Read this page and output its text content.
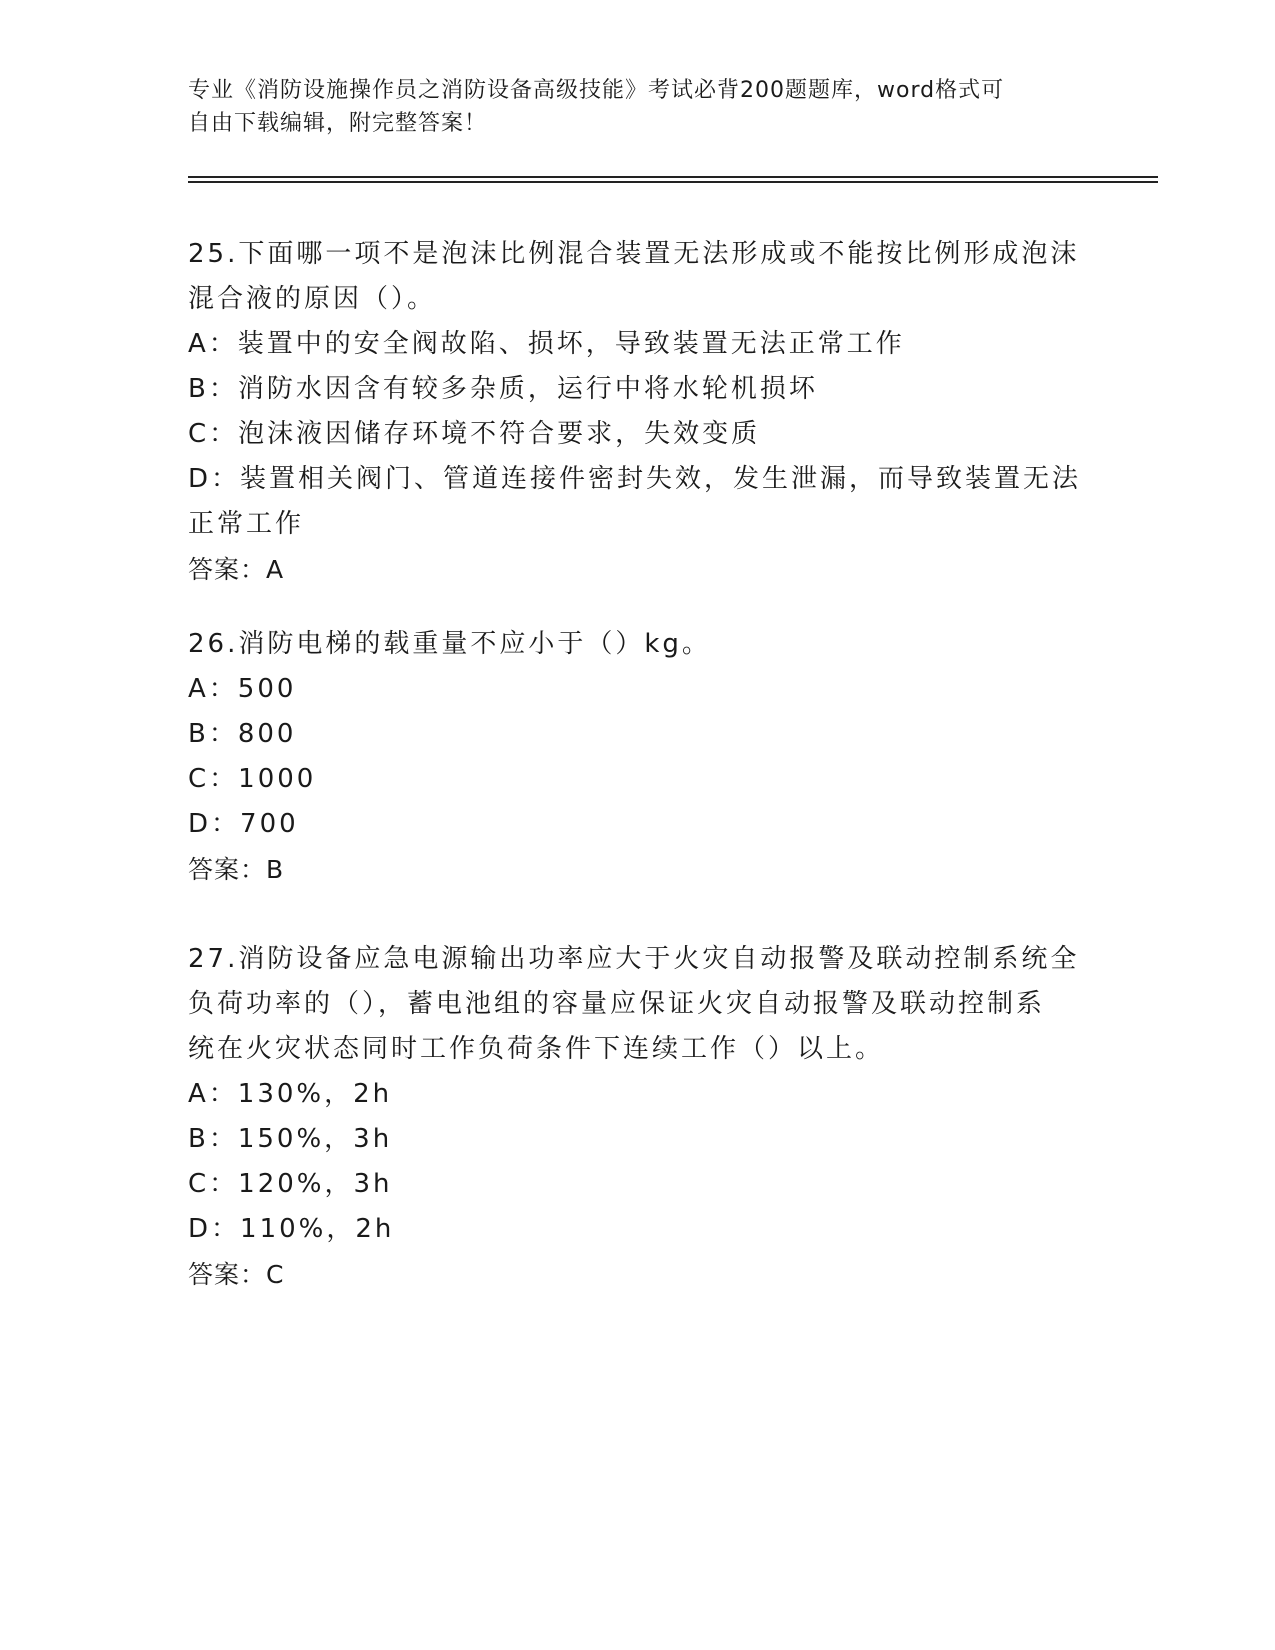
专业《消防设施操作员之消防设备高级技能》考试必背200题题库，word格式可
自由下载编辑，附完整答案！

25.下面哪一项不是泡沫比例混合装置无法形成或不能按比例形成泡沫
混合液的原因（）。

A：装置中的安全阀故陷、损坏，导致装置无法正常工作
B：消防水因含有较多杂质，运行中将水轮机损坏
C：泡沫液因储存环境不符合要求，失效变质
D：装置相关阀门、管道连接件密封失效，发生泄漏，而导致装置无法
正常工作

答案：A

26.消防电梯的载重量不应小于（）kg。

A：500
B：800
C：1000
D：700

答案：B

27.消防设备应急电源输出功率应大于火灾自动报警及联动控制系统全
负荷功率的（），蓄电池组的容量应保证火灾自动报警及联动控制系
统在火灾状态同时工作负荷条件下连续工作（）以上。

A：130%，2h
B：150%，3h
C：120%，3h
D：110%，2h

答案：C
